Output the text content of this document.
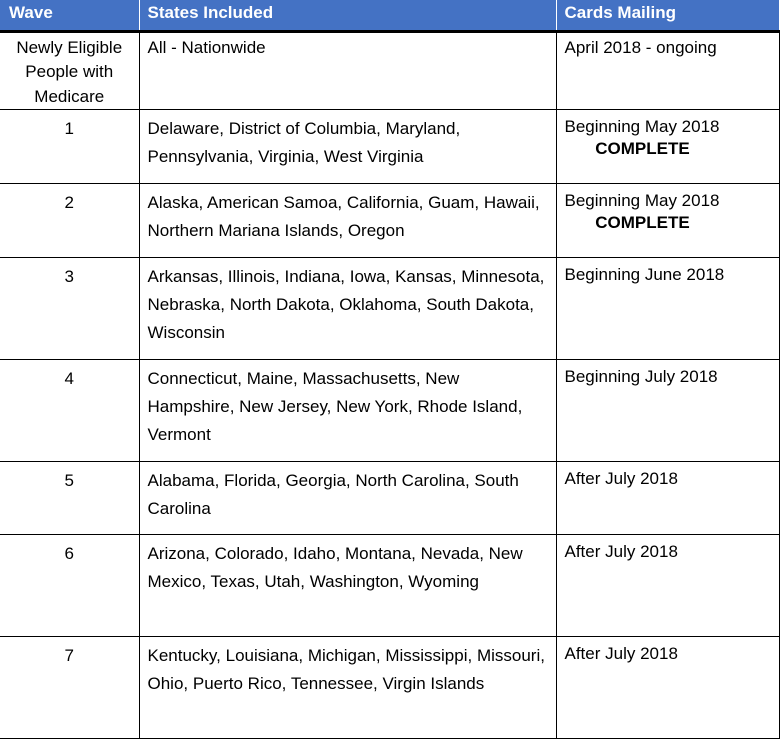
Wave	States Included	Cards Mailing

Newly Eligible People with Medicare	All - Nationwide	April 2018 - ongoing

1	Delaware, District of Columbia, Maryland, Pennsylvania, Virginia, West Virginia	Beginning May 2018
COMPLETE

2	Alaska, American Samoa, California, Guam, Hawaii, Northern Mariana Islands, Oregon	Beginning May 2018
COMPLETE

3	Arkansas, Illinois, Indiana, Iowa, Kansas, Minnesota, Nebraska, North Dakota, Oklahoma, South Dakota, Wisconsin	Beginning June 2018

4	Connecticut, Maine, Massachusetts, New Hampshire, New Jersey, New York, Rhode Island, Vermont	Beginning July 2018

5	Alabama, Florida, Georgia, North Carolina, South Carolina	After July 2018

6	Arizona, Colorado, Idaho, Montana, Nevada, New Mexico, Texas, Utah, Washington, Wyoming	After July 2018

7	Kentucky, Louisiana, Michigan, Mississippi, Missouri, Ohio, Puerto Rico, Tennessee, Virgin Islands	After July 2018
